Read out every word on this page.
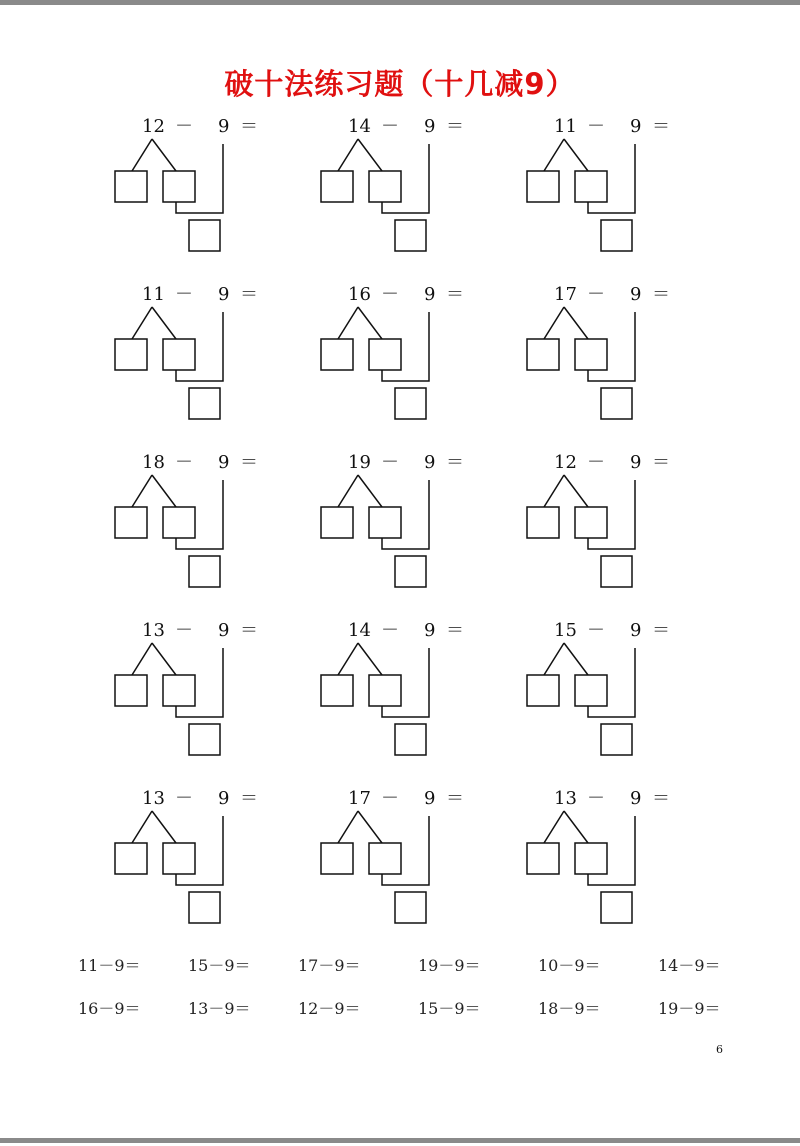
破十法练习题（十几减9）
12 － 9 ＝	14 － 9 ＝	11 － 9 ＝
11 － 9 ＝	16 － 9 ＝	17 － 9 ＝
18 － 9 ＝	19 － 9 ＝	12 － 9 ＝
13 － 9 ＝	14 － 9 ＝	15 － 9 ＝
13 － 9 ＝	17 － 9 ＝	13 － 9 ＝
11－9＝	15－9＝	17－9＝	19－9＝	10－9＝	14－9＝
16－9＝	13－9＝	12－9＝	15－9＝	18－9＝	19－9＝
6
